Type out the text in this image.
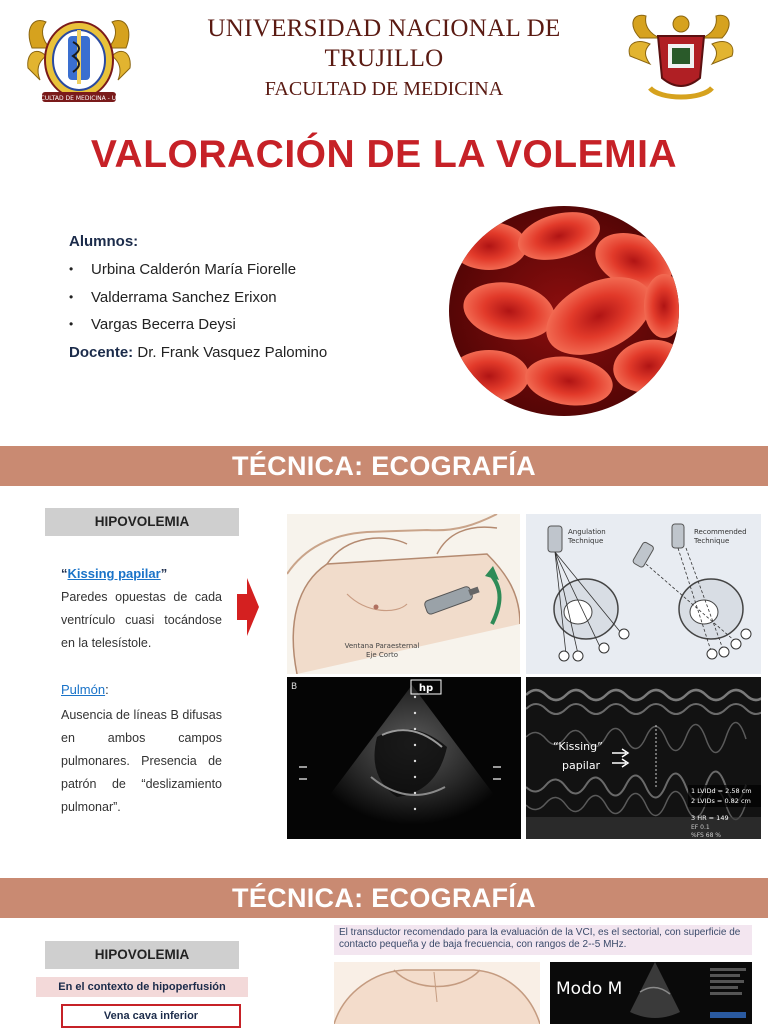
FACULTAD DE MEDICINA - UNT
UNIVERSIDAD NACIONAL DE TRUJILLO
FACULTAD DE MEDICINA
VALORACIÓN DE LA VOLEMIA
Alumnos:
• Urbina Calderón María Fiorelle
• Valderrama Sanchez Erixon
• Vargas Becerra Deysi
Docente: Dr. Frank Vasquez Palomino
TÉCNICA: ECOGRAFÍA
HIPOVOLEMIA
“Kissing papilar”
Paredes opuestas de cada ventrículo cuasi tocándose en la telesístole.
Pulmón:
Ausencia de líneas B difusas en ambos campos pulmonares. Presencia de patrón de “deslizamiento pulmonar”.
Ventana Paraesternal
Eje Corto
Angulation
Technique
Recommended
Technique
B	hp
“Kissing”
papilar
1 LVIDd = 2.58 cm
2 LVIDs = 0.82 cm
3 HR = 149
EF 0.1
%FS 68 %
TÉCNICA: ECOGRAFÍA
HIPOVOLEMIA
El transductor recomendado para la evaluación de la VCI, es el sectorial, con superficie de contacto pequeña y de baja frecuencia, con rangos de 2--5 MHz.
En el contexto de hipoperfusión
Vena cava inferior
Modo M
